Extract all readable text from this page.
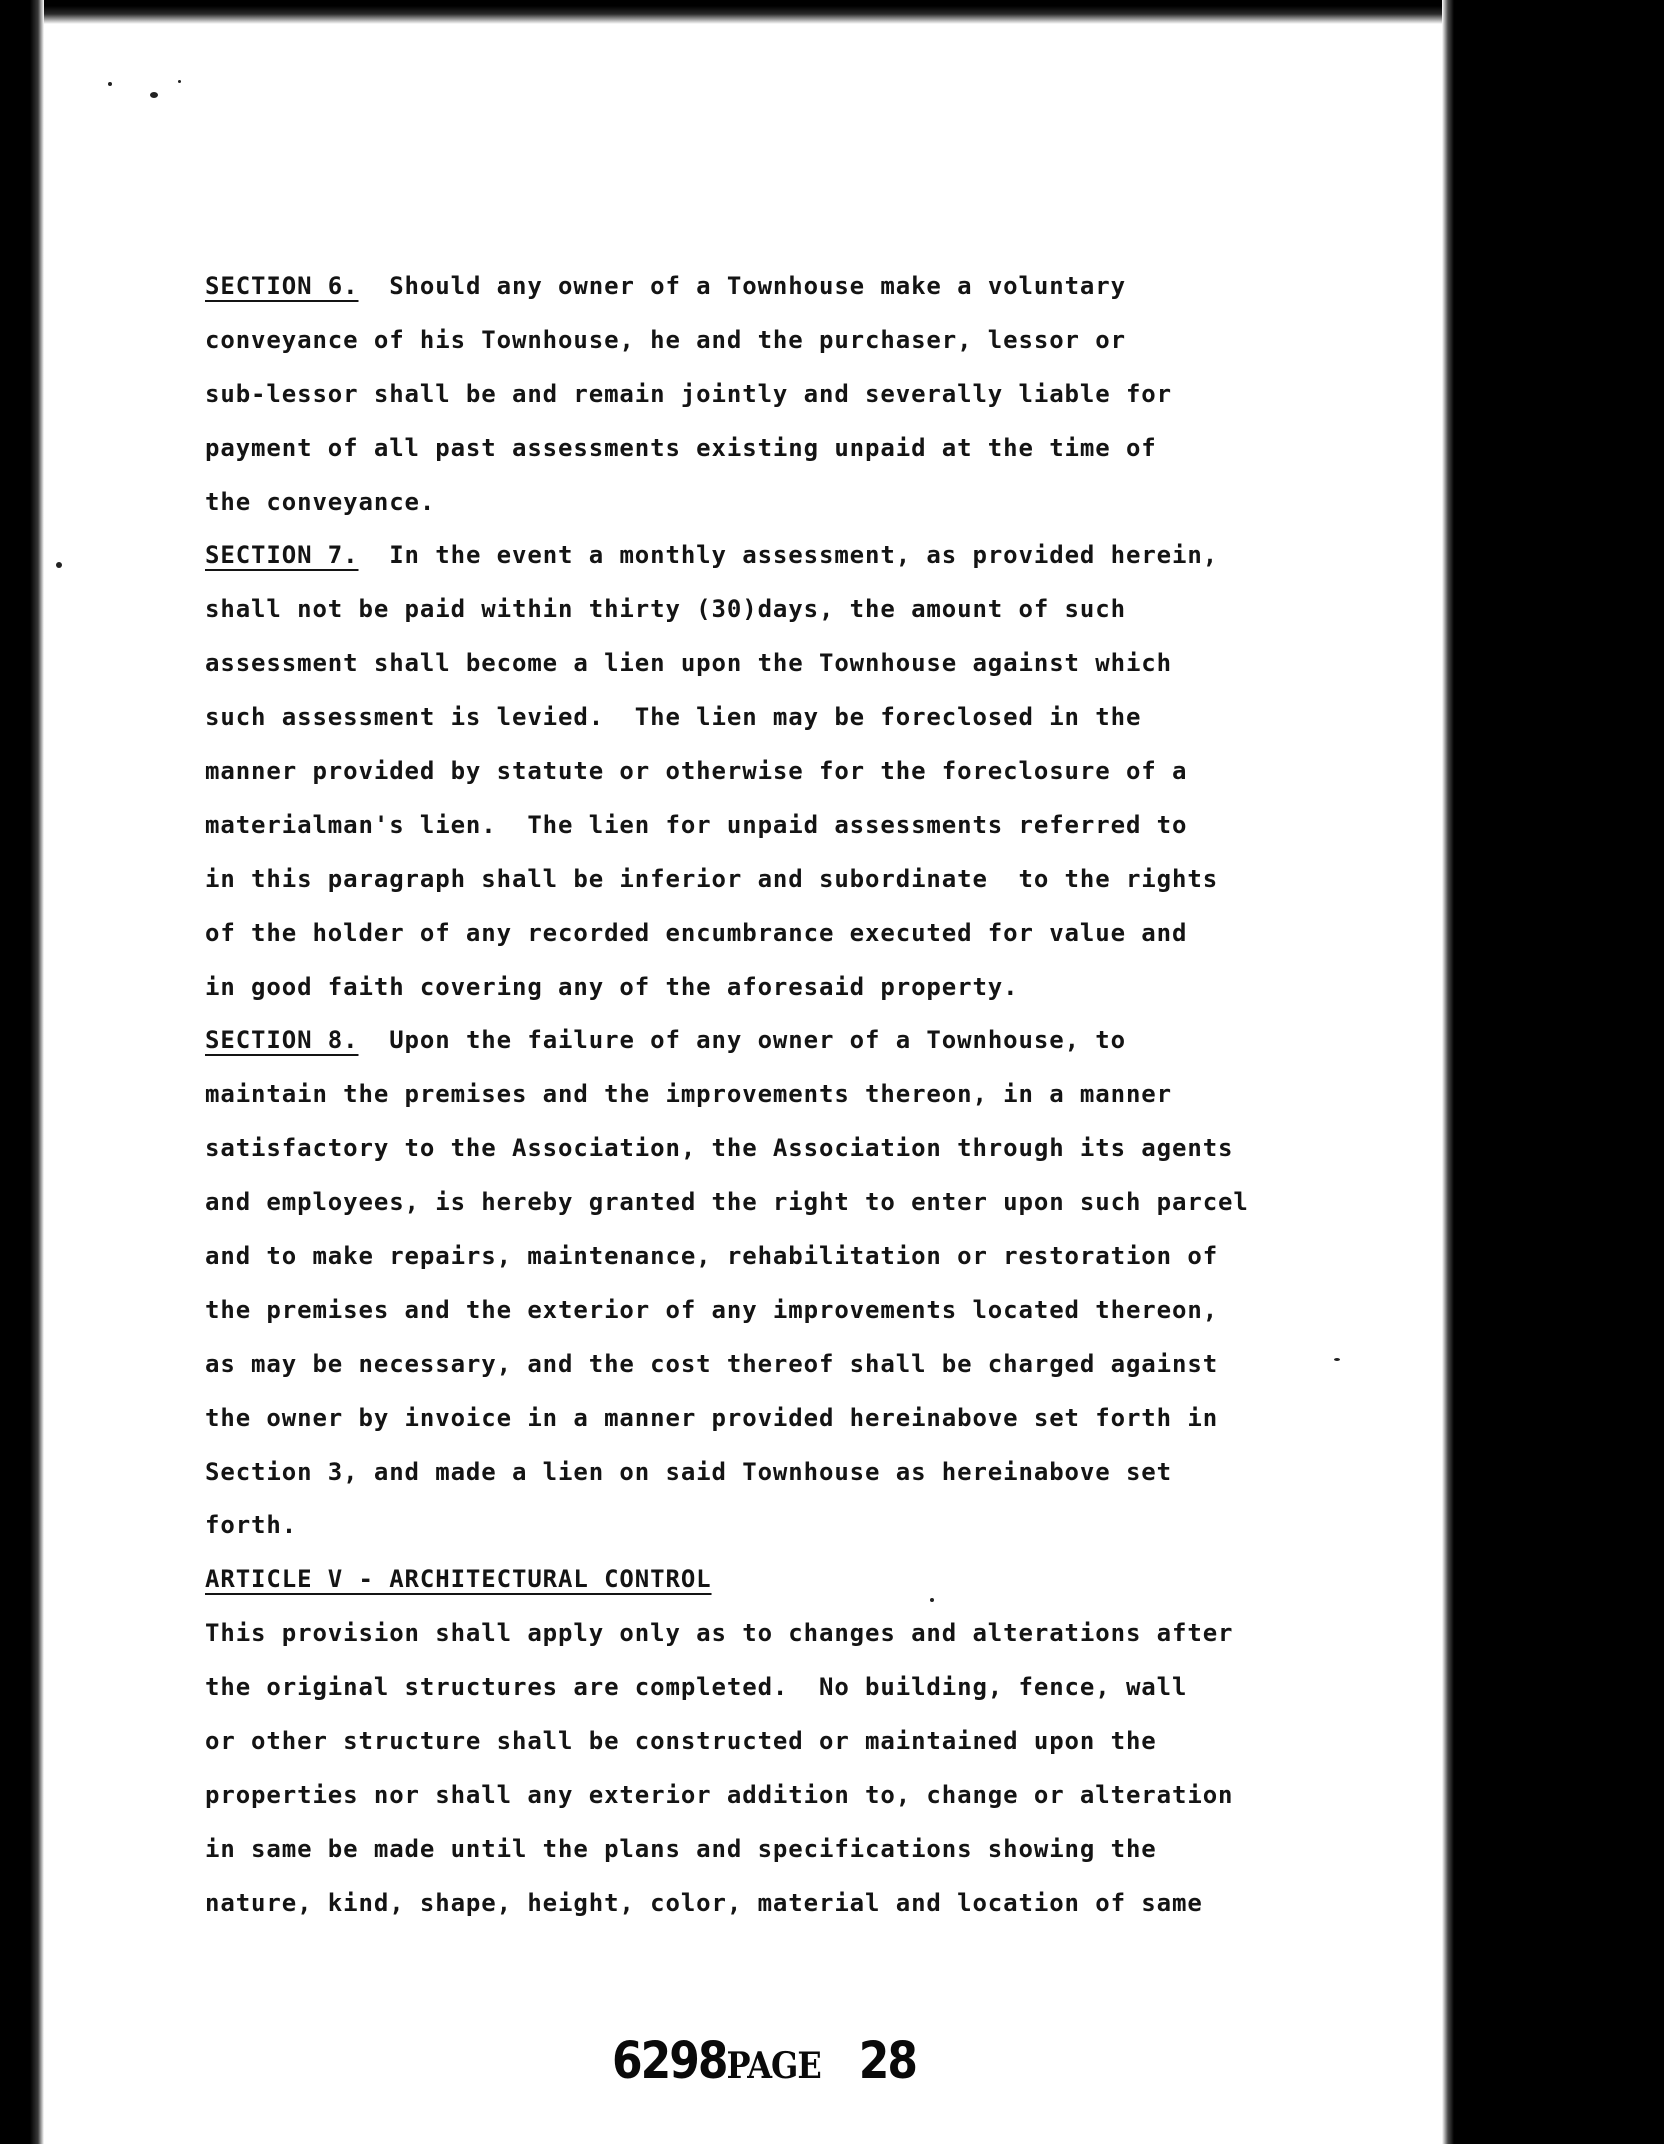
SECTION 6. Should any owner of a Townhouse make a voluntary
conveyance of his Townhouse, he and the purchaser, lessor or
sub-lessor shall be and remain jointly and severally liable for
payment of all past assessments existing unpaid at the time of
the conveyance.
SECTION 7. In the event a monthly assessment, as provided herein,
shall not be paid within thirty (30)days, the amount of such
assessment shall become a lien upon the Townhouse against which
such assessment is levied.  The lien may be foreclosed in the
manner provided by statute or otherwise for the foreclosure of a
materialman's lien.  The lien for unpaid assessments referred to
in this paragraph shall be inferior and subordinate  to the rights
of the holder of any recorded encumbrance executed for value and
in good faith covering any of the aforesaid property.
SECTION 8. Upon the failure of any owner of a Townhouse, to
maintain the premises and the improvements thereon, in a manner
satisfactory to the Association, the Association through its agents
and employees, is hereby granted the right to enter upon such parcel
and to make repairs, maintenance, rehabilitation or restoration of
the premises and the exterior of any improvements located thereon,
as may be necessary, and the cost thereof shall be charged against
the owner by invoice in a manner provided hereinabove set forth in
Section 3, and made a lien on said Townhouse as hereinabove set
forth.
ARTICLE V - ARCHITECTURAL CONTROL
This provision shall apply only as to changes and alterations after
the original structures are completed.  No building, fence, wall
or other structure shall be constructed or maintained upon the
properties nor shall any exterior addition to, change or alteration
in same be made until the plans and specifications showing the
nature, kind, shape, height, color, material and location of same
6298PAGE 28
